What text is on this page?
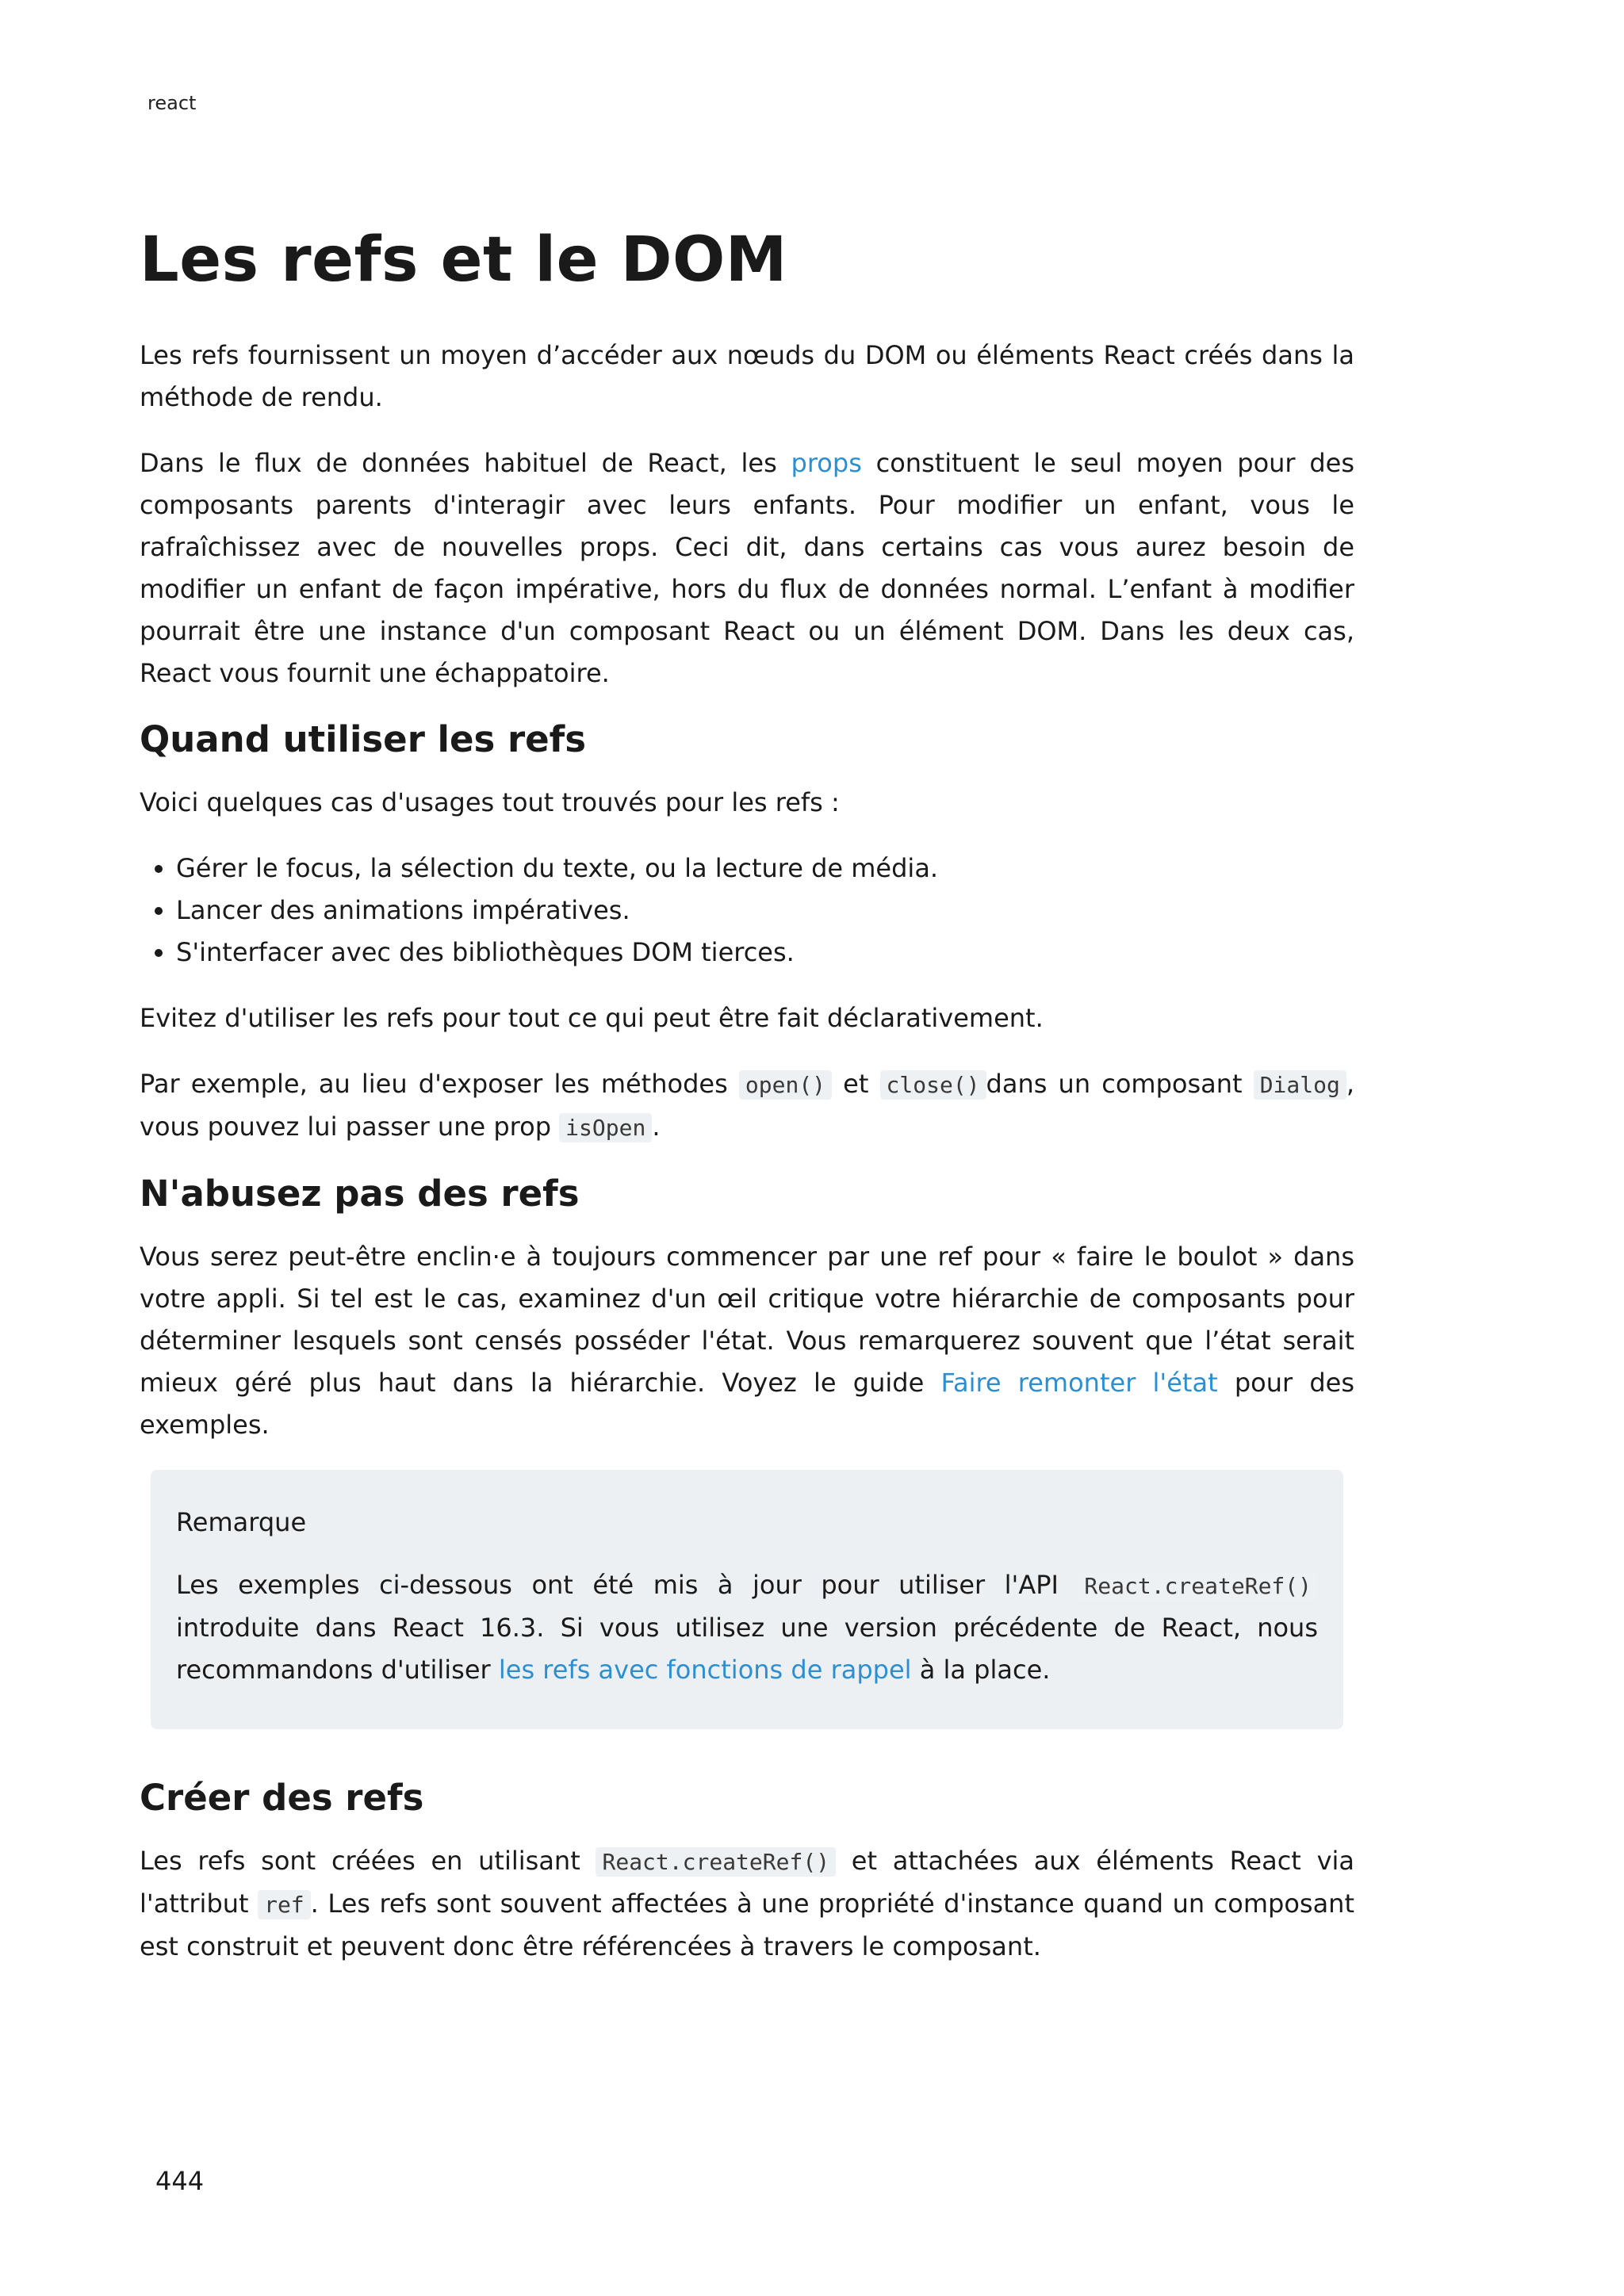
react
Les refs et le DOM

Les refs fournissent un moyen d’accéder aux nœuds du DOM ou éléments React créés dans la méthode de rendu.

Dans le flux de données habituel de React, les props constituent le seul moyen pour des composants parents d'interagir avec leurs enfants. Pour modifier un enfant, vous le rafraîchissez avec de nouvelles props. Ceci dit, dans certains cas vous aurez besoin de modifier un enfant de façon impérative, hors du flux de données normal. L’enfant à modifier pourrait être une instance d'un composant React ou un élément DOM. Dans les deux cas, React vous fournit une échappatoire.

Quand utiliser les refs

Voici quelques cas d'usages tout trouvés pour les refs :

• Gérer le focus, la sélection du texte, ou la lecture de média.
• Lancer des animations impératives.
• S'interfacer avec des bibliothèques DOM tierces.

Evitez d'utiliser les refs pour tout ce qui peut être fait déclarativement.

Par exemple, au lieu d'exposer les méthodes open() et close() dans un composant Dialog , vous pouvez lui passer une prop isOpen .

N'abusez pas des refs

Vous serez peut-être enclin·e à toujours commencer par une ref pour « faire le boulot » dans votre appli. Si tel est le cas, examinez d'un œil critique votre hiérarchie de composants pour déterminer lesquels sont censés posséder l'état. Vous remarquerez souvent que l’état serait mieux géré plus haut dans la hiérarchie. Voyez le guide Faire remonter l'état pour des exemples.

Remarque

Les exemples ci-dessous ont été mis à jour pour utiliser l'API React.createRef() introduite dans React 16.3. Si vous utilisez une version précédente de React, nous recommandons d'utiliser les refs avec fonctions de rappel à la place.

Créer des refs

Les refs sont créées en utilisant React.createRef() et attachées aux éléments React via l'attribut ref . Les refs sont souvent affectées à une propriété d'instance quand un composant est construit et peuvent donc être référencées à travers le composant.

444
